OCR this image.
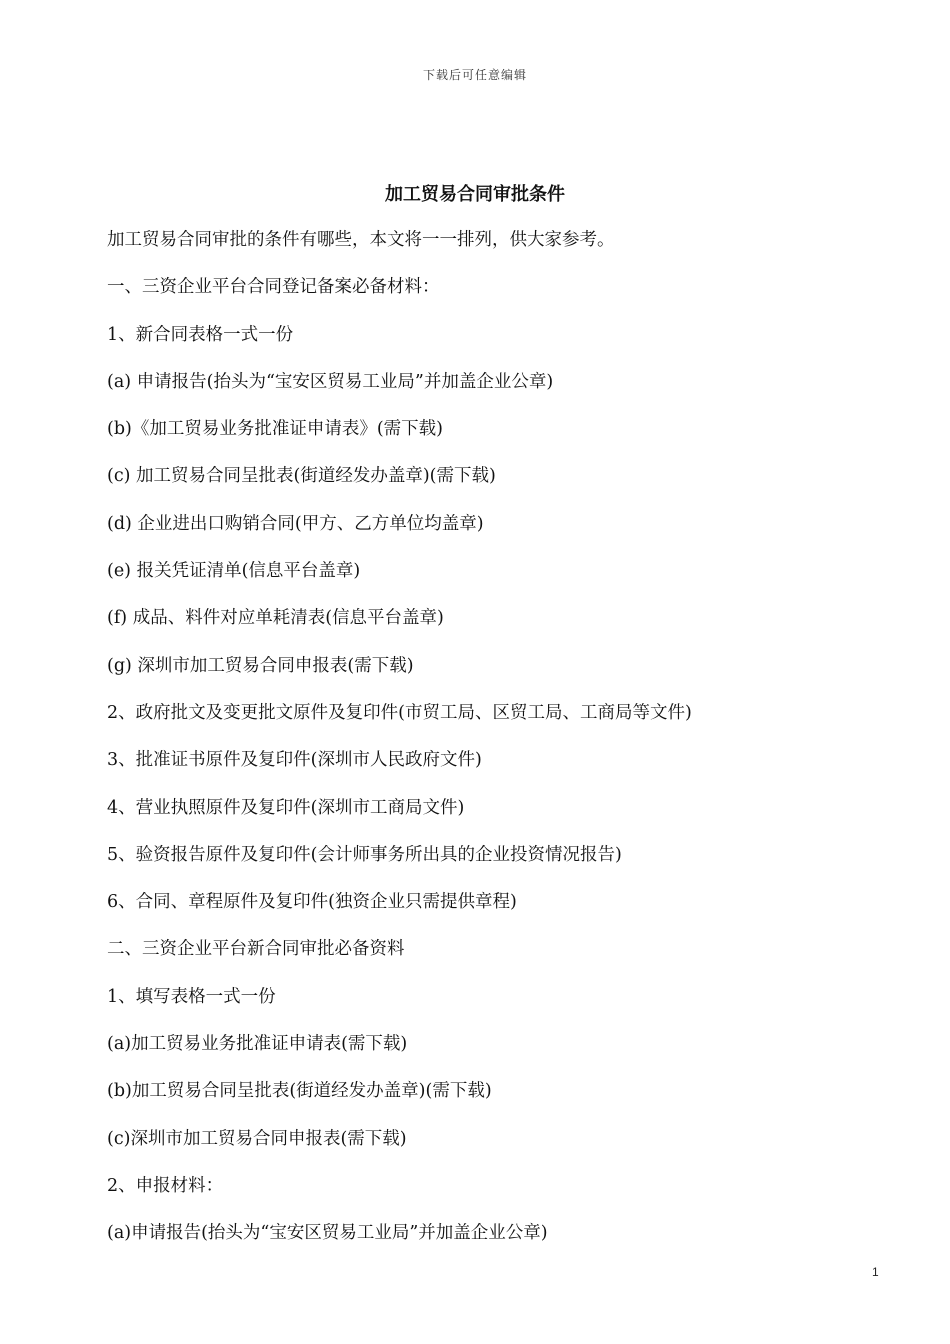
下载后可任意编辑
加工贸易合同审批条件
加工贸易合同审批的条件有哪些，本文将一一排列，供大家参考。
一、三资企业平台合同登记备案必备材料：
1、新合同表格一式一份
(a) 申请报告(抬头为“宝安区贸易工业局”并加盖企业公章)
(b)《加工贸易业务批准证申请表》(需下载)
(c) 加工贸易合同呈批表(街道经发办盖章)(需下载)
(d) 企业进出口购销合同(甲方、乙方单位均盖章)
(e) 报关凭证清单(信息平台盖章)
(f) 成品、料件对应单耗清表(信息平台盖章)
(g) 深圳市加工贸易合同申报表(需下载)
2、政府批文及变更批文原件及复印件(市贸工局、区贸工局、工商局等文件)
3、批准证书原件及复印件(深圳市人民政府文件)
4、营业执照原件及复印件(深圳市工商局文件)
5、验资报告原件及复印件(会计师事务所出具的企业投资情况报告)
6、合同、章程原件及复印件(独资企业只需提供章程)
二、三资企业平台新合同审批必备资料
1、填写表格一式一份
(a)加工贸易业务批准证申请表(需下载)
(b)加工贸易合同呈批表(街道经发办盖章)(需下载)
(c)深圳市加工贸易合同申报表(需下载)
2、申报材料：
(a)申请报告(抬头为“宝安区贸易工业局”并加盖企业公章)
1
